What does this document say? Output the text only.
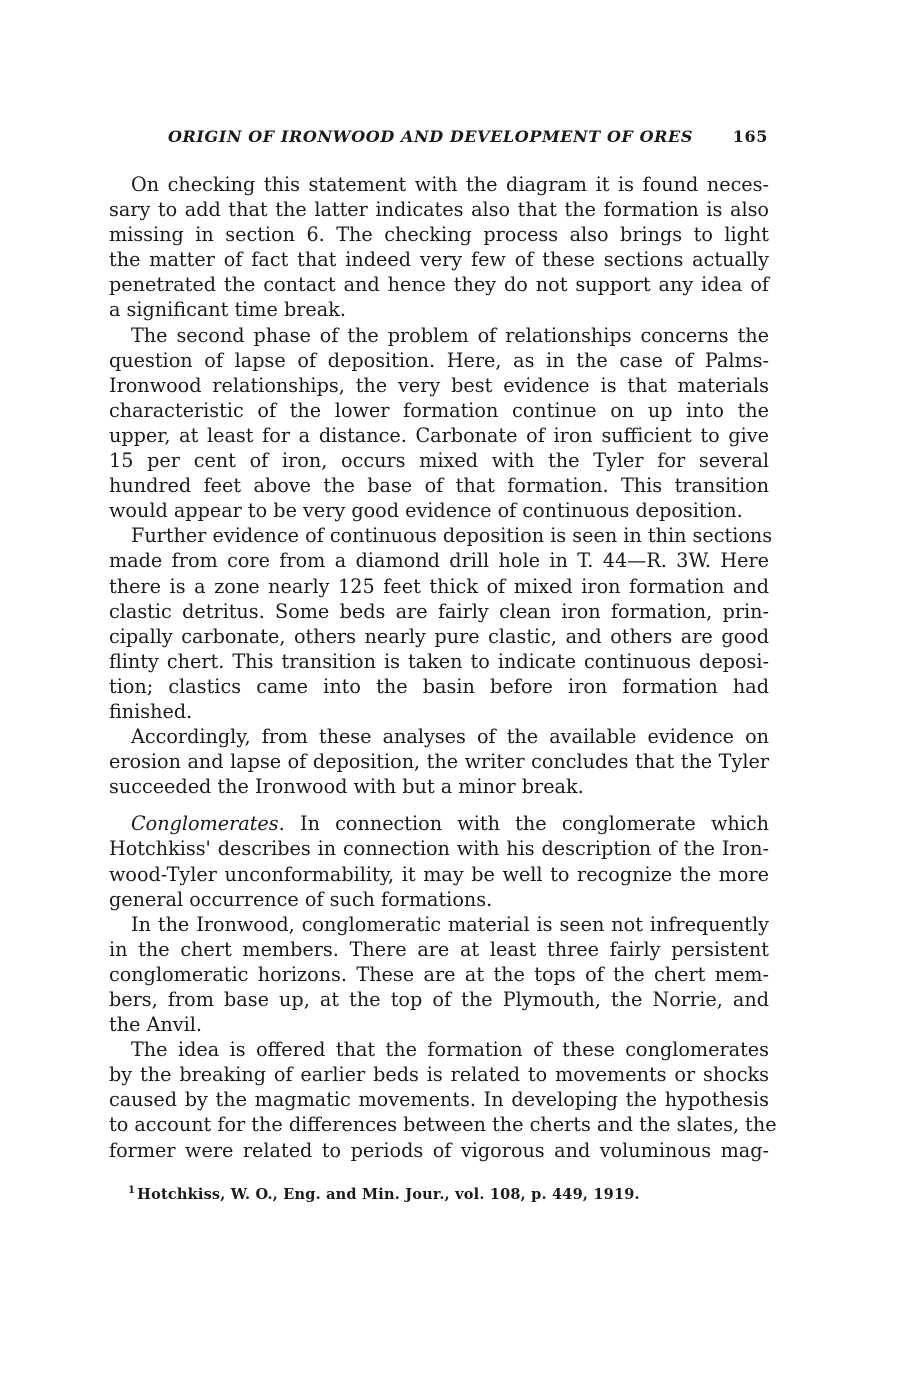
ORIGIN OF IRONWOOD AND DEVELOPMENT OF ORES 165
On checking this statement with the diagram it is found neces-
sary to add that the latter indicates also that the formation is also
missing in section 6. The checking process also brings to light
the matter of fact that indeed very few of these sections actually
penetrated the contact and hence they do not support any idea of
a significant time break.
The second phase of the problem of relationships concerns the
question of lapse of deposition. Here, as in the case of Palms-
Ironwood relationships, the very best evidence is that materials
characteristic of the lower formation continue on up into the
upper, at least for a distance. Carbonate of iron sufficient to give
15 per cent of iron, occurs mixed with the Tyler for several
hundred feet above the base of that formation. This transition
would appear to be very good evidence of continuous deposition.
Further evidence of continuous deposition is seen in thin sections
made from core from a diamond drill hole in T. 44—R. 3W. Here
there is a zone nearly 125 feet thick of mixed iron formation and
clastic detritus. Some beds are fairly clean iron formation, prin-
cipally carbonate, others nearly pure clastic, and others are good
flinty chert. This transition is taken to indicate continuous deposi-
tion; clastics came into the basin before iron formation had
finished.
Accordingly, from these analyses of the available evidence on
erosion and lapse of deposition, the writer concludes that the Tyler
succeeded the Ironwood with but a minor break.
Conglomerates. In connection with the conglomerate which
Hotchkiss' describes in connection with his description of the Iron-
wood-Tyler unconformability, it may be well to recognize the more
general occurrence of such formations.
In the Ironwood, conglomeratic material is seen not infrequently
in the chert members. There are at least three fairly persistent
conglomeratic horizons. These are at the tops of the chert mem-
bers, from base up, at the top of the Plymouth, the Norrie, and
the Anvil.
The idea is offered that the formation of these conglomerates
by the breaking of earlier beds is related to movements or shocks
caused by the magmatic movements. In developing the hypothesis
to account for the differences between the cherts and the slates, the
former were related to periods of vigorous and voluminous mag-
$^1$ Hotchkiss, W. O., Eng. and Min. Jour., vol. 108, p. 449, 1919.
